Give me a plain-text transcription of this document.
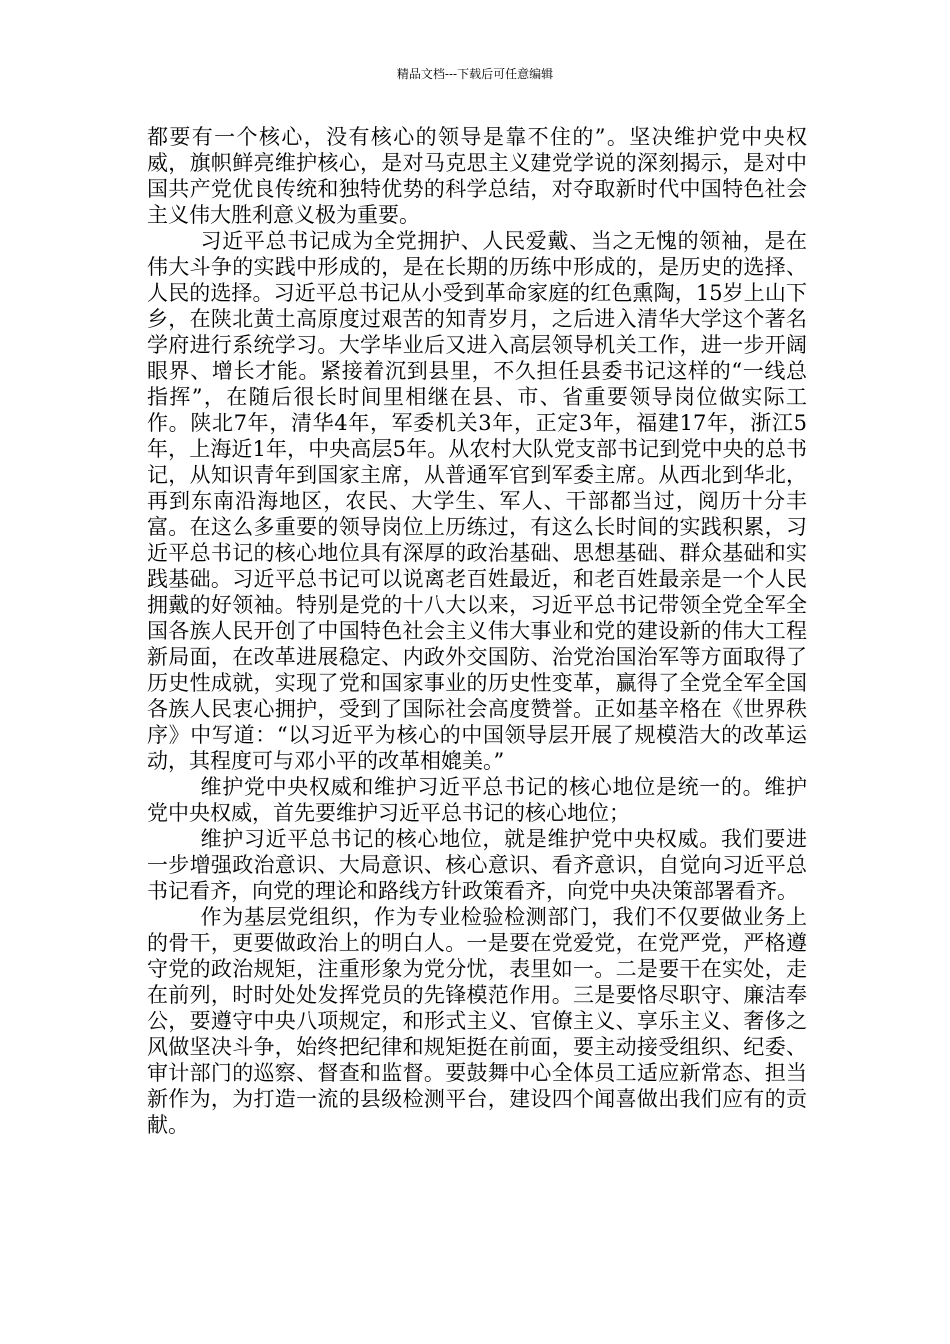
精品文档---下载后可任意编辑

都要有一个核心，没有核心的领导是靠不住的”。坚决维护党中央权威，旗帜鲜亮维护核心，是对马克思主义建党学说的深刻揭示，是对中国共产党优良传统和独特优势的科学总结，对夺取新时代中国特色社会主义伟大胜利意义极为重要。

习近平总书记成为全党拥护、人民爱戴、当之无愧的领袖，是在伟大斗争的实践中形成的，是在长期的历练中形成的，是历史的选择、人民的选择。习近平总书记从小受到革命家庭的红色熏陶，15岁上山下乡，在陕北黄土高原度过艰苦的知青岁月，之后进入清华大学这个著名学府进行系统学习。大学毕业后又进入高层领导机关工作，进一步开阔眼界、增长才能。紧接着沉到县里，不久担任县委书记这样的“一线总指挥”，在随后很长时间里相继在县、市、省重要领导岗位做实际工作。陕北7年，清华4年，军委机关3年，正定3年，福建17年，浙江5年，上海近1年，中央高层5年。从农村大队党支部书记到党中央的总书记，从知识青年到国家主席，从普通军官到军委主席。从西北到华北，再到东南沿海地区，农民、大学生、军人、干部都当过，阅历十分丰富。在这么多重要的领导岗位上历练过，有这么长时间的实践积累，习近平总书记的核心地位具有深厚的政治基础、思想基础、群众基础和实践基础。习近平总书记可以说离老百姓最近，和老百姓最亲是一个人民拥戴的好领袖。特别是党的十八大以来，习近平总书记带领全党全军全国各族人民开创了中国特色社会主义伟大事业和党的建设新的伟大工程新局面，在改革进展稳定、内政外交国防、治党治国治军等方面取得了历史性成就，实现了党和国家事业的历史性变革，赢得了全党全军全国各族人民衷心拥护，受到了国际社会高度赞誉。正如基辛格在《世界秩序》中写道：“以习近平为核心的中国领导层开展了规模浩大的改革运动，其程度可与邓小平的改革相媲美。”

维护党中央权威和维护习近平总书记的核心地位是统一的。维护党中央权威，首先要维护习近平总书记的核心地位；

维护习近平总书记的核心地位，就是维护党中央权威。我们要进一步增强政治意识、大局意识、核心意识、看齐意识，自觉向习近平总书记看齐，向党的理论和路线方针政策看齐，向党中央决策部署看齐。

作为基层党组织，作为专业检验检测部门，我们不仅要做业务上的骨干，更要做政治上的明白人。一是要在党爱党，在党严党，严格遵守党的政治规矩，注重形象为党分忧，表里如一。二是要干在实处，走在前列，时时处处发挥党员的先锋模范作用。三是要恪尽职守、廉洁奉公，要遵守中央八项规定，和形式主义、官僚主义、享乐主义、奢侈之风做坚决斗争，始终把纪律和规矩挺在前面，要主动接受组织、纪委、审计部门的巡察、督查和监督。要鼓舞中心全体员工适应新常态、担当新作为，为打造一流的县级检测平台，建设四个闻喜做出我们应有的贡献。
